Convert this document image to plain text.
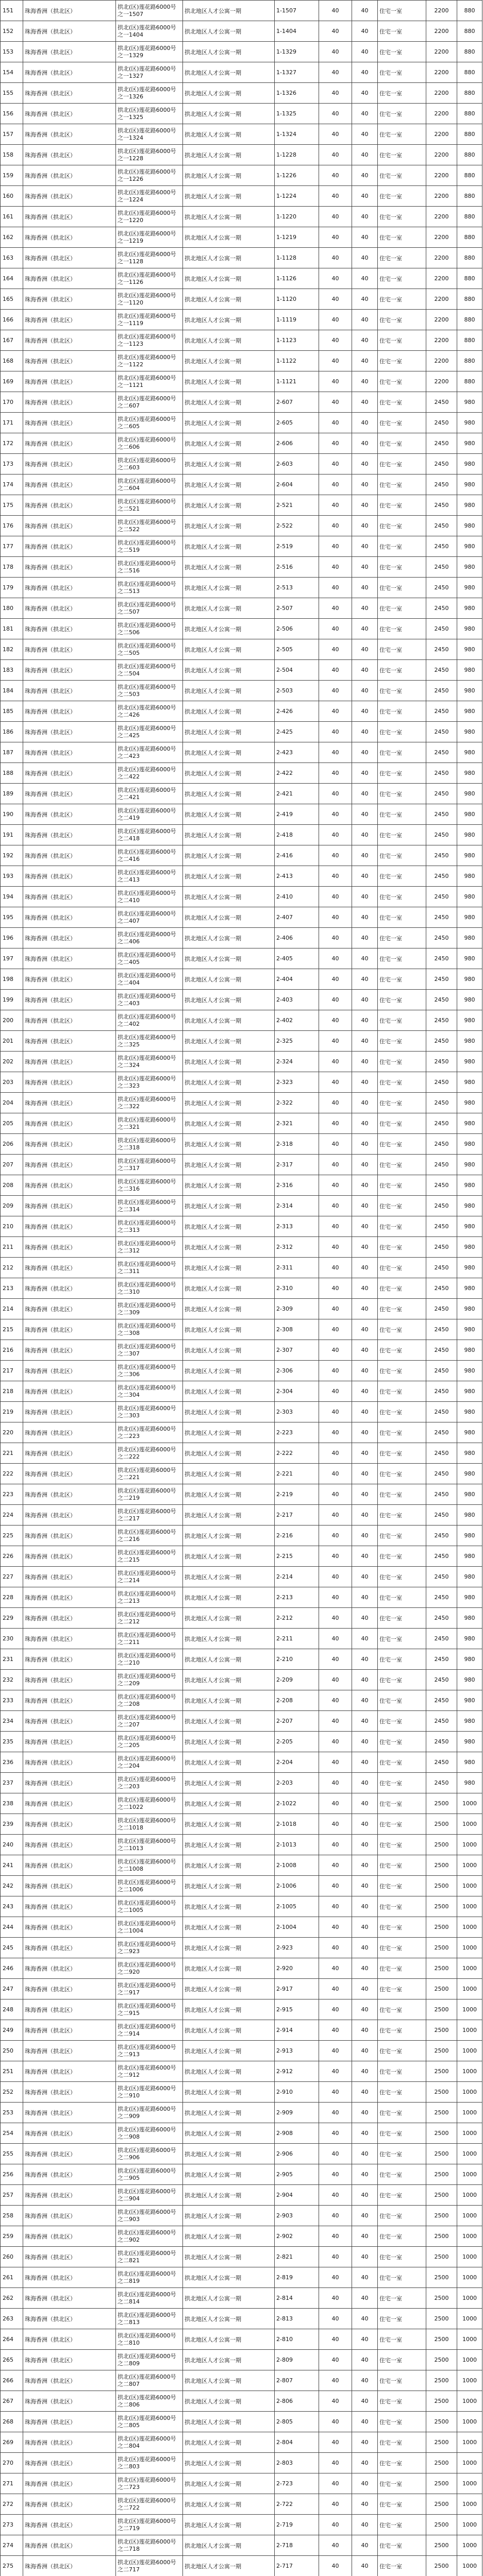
151	珠海香洲（拱北区）	拱北(区)莲花路6000号之一1507	拱北地区人才公寓一期	1-1507	40	40	住宅一室	2200	880
152	珠海香洲（拱北区）	拱北(区)莲花路6000号之一1404	拱北地区人才公寓一期	1-1404	40	40	住宅一室	2200	880
153	珠海香洲（拱北区）	拱北(区)莲花路6000号之一1329	拱北地区人才公寓一期	1-1329	40	40	住宅一室	2200	880
154	珠海香洲（拱北区）	拱北(区)莲花路6000号之一1327	拱北地区人才公寓一期	1-1327	40	40	住宅一室	2200	880
155	珠海香洲（拱北区）	拱北(区)莲花路6000号之一1326	拱北地区人才公寓一期	1-1326	40	40	住宅一室	2200	880
156	珠海香洲（拱北区）	拱北(区)莲花路6000号之一1325	拱北地区人才公寓一期	1-1325	40	40	住宅一室	2200	880
157	珠海香洲（拱北区）	拱北(区)莲花路6000号之一1324	拱北地区人才公寓一期	1-1324	40	40	住宅一室	2200	880
158	珠海香洲（拱北区）	拱北(区)莲花路6000号之一1228	拱北地区人才公寓一期	1-1228	40	40	住宅一室	2200	880
159	珠海香洲（拱北区）	拱北(区)莲花路6000号之一1226	拱北地区人才公寓一期	1-1226	40	40	住宅一室	2200	880
160	珠海香洲（拱北区）	拱北(区)莲花路6000号之一1224	拱北地区人才公寓一期	1-1224	40	40	住宅一室	2200	880
161	珠海香洲（拱北区）	拱北(区)莲花路6000号之一1220	拱北地区人才公寓一期	1-1220	40	40	住宅一室	2200	880
162	珠海香洲（拱北区）	拱北(区)莲花路6000号之一1219	拱北地区人才公寓一期	1-1219	40	40	住宅一室	2200	880
163	珠海香洲（拱北区）	拱北(区)莲花路6000号之一1128	拱北地区人才公寓一期	1-1128	40	40	住宅一室	2200	880
164	珠海香洲（拱北区）	拱北(区)莲花路6000号之一1126	拱北地区人才公寓一期	1-1126	40	40	住宅一室	2200	880
165	珠海香洲（拱北区）	拱北(区)莲花路6000号之一1120	拱北地区人才公寓一期	1-1120	40	40	住宅一室	2200	880
166	珠海香洲（拱北区）	拱北(区)莲花路6000号之一1119	拱北地区人才公寓一期	1-1119	40	40	住宅一室	2200	880
167	珠海香洲（拱北区）	拱北(区)莲花路6000号之一1123	拱北地区人才公寓一期	1-1123	40	40	住宅一室	2200	880
168	珠海香洲（拱北区）	拱北(区)莲花路6000号之一1122	拱北地区人才公寓一期	1-1122	40	40	住宅一室	2200	880
169	珠海香洲（拱北区）	拱北(区)莲花路6000号之一1121	拱北地区人才公寓一期	1-1121	40	40	住宅一室	2200	880
170	珠海香洲（拱北区）	拱北(区)莲花路6000号之二607	拱北地区人才公寓一期	2-607	40	40	住宅一室	2450	980
171	珠海香洲（拱北区）	拱北(区)莲花路6000号之二605	拱北地区人才公寓一期	2-605	40	40	住宅一室	2450	980
172	珠海香洲（拱北区）	拱北(区)莲花路6000号之二606	拱北地区人才公寓一期	2-606	40	40	住宅一室	2450	980
173	珠海香洲（拱北区）	拱北(区)莲花路6000号之二603	拱北地区人才公寓一期	2-603	40	40	住宅一室	2450	980
174	珠海香洲（拱北区）	拱北(区)莲花路6000号之二604	拱北地区人才公寓一期	2-604	40	40	住宅一室	2450	980
175	珠海香洲（拱北区）	拱北(区)莲花路6000号之二521	拱北地区人才公寓一期	2-521	40	40	住宅一室	2450	980
176	珠海香洲（拱北区）	拱北(区)莲花路6000号之二522	拱北地区人才公寓一期	2-522	40	40	住宅一室	2450	980
177	珠海香洲（拱北区）	拱北(区)莲花路6000号之二519	拱北地区人才公寓一期	2-519	40	40	住宅一室	2450	980
178	珠海香洲（拱北区）	拱北(区)莲花路6000号之二516	拱北地区人才公寓一期	2-516	40	40	住宅一室	2450	980
179	珠海香洲（拱北区）	拱北(区)莲花路6000号之二513	拱北地区人才公寓一期	2-513	40	40	住宅一室	2450	980
180	珠海香洲（拱北区）	拱北(区)莲花路6000号之二507	拱北地区人才公寓一期	2-507	40	40	住宅一室	2450	980
181	珠海香洲（拱北区）	拱北(区)莲花路6000号之二506	拱北地区人才公寓一期	2-506	40	40	住宅一室	2450	980
182	珠海香洲（拱北区）	拱北(区)莲花路6000号之二505	拱北地区人才公寓一期	2-505	40	40	住宅一室	2450	980
183	珠海香洲（拱北区）	拱北(区)莲花路6000号之二504	拱北地区人才公寓一期	2-504	40	40	住宅一室	2450	980
184	珠海香洲（拱北区）	拱北(区)莲花路6000号之二503	拱北地区人才公寓一期	2-503	40	40	住宅一室	2450	980
185	珠海香洲（拱北区）	拱北(区)莲花路6000号之二426	拱北地区人才公寓一期	2-426	40	40	住宅一室	2450	980
186	珠海香洲（拱北区）	拱北(区)莲花路6000号之二425	拱北地区人才公寓一期	2-425	40	40	住宅一室	2450	980
187	珠海香洲（拱北区）	拱北(区)莲花路6000号之二423	拱北地区人才公寓一期	2-423	40	40	住宅一室	2450	980
188	珠海香洲（拱北区）	拱北(区)莲花路6000号之二422	拱北地区人才公寓一期	2-422	40	40	住宅一室	2450	980
189	珠海香洲（拱北区）	拱北(区)莲花路6000号之二421	拱北地区人才公寓一期	2-421	40	40	住宅一室	2450	980
190	珠海香洲（拱北区）	拱北(区)莲花路6000号之二419	拱北地区人才公寓一期	2-419	40	40	住宅一室	2450	980
191	珠海香洲（拱北区）	拱北(区)莲花路6000号之二418	拱北地区人才公寓一期	2-418	40	40	住宅一室	2450	980
192	珠海香洲（拱北区）	拱北(区)莲花路6000号之二416	拱北地区人才公寓一期	2-416	40	40	住宅一室	2450	980
193	珠海香洲（拱北区）	拱北(区)莲花路6000号之二413	拱北地区人才公寓一期	2-413	40	40	住宅一室	2450	980
194	珠海香洲（拱北区）	拱北(区)莲花路6000号之二410	拱北地区人才公寓一期	2-410	40	40	住宅一室	2450	980
195	珠海香洲（拱北区）	拱北(区)莲花路6000号之二407	拱北地区人才公寓一期	2-407	40	40	住宅一室	2450	980
196	珠海香洲（拱北区）	拱北(区)莲花路6000号之二406	拱北地区人才公寓一期	2-406	40	40	住宅一室	2450	980
197	珠海香洲（拱北区）	拱北(区)莲花路6000号之二405	拱北地区人才公寓一期	2-405	40	40	住宅一室	2450	980
198	珠海香洲（拱北区）	拱北(区)莲花路6000号之二404	拱北地区人才公寓一期	2-404	40	40	住宅一室	2450	980
199	珠海香洲（拱北区）	拱北(区)莲花路6000号之二403	拱北地区人才公寓一期	2-403	40	40	住宅一室	2450	980
200	珠海香洲（拱北区）	拱北(区)莲花路6000号之二402	拱北地区人才公寓一期	2-402	40	40	住宅一室	2450	980
201	珠海香洲（拱北区）	拱北(区)莲花路6000号之二325	拱北地区人才公寓一期	2-325	40	40	住宅一室	2450	980
202	珠海香洲（拱北区）	拱北(区)莲花路6000号之二324	拱北地区人才公寓一期	2-324	40	40	住宅一室	2450	980
203	珠海香洲（拱北区）	拱北(区)莲花路6000号之二323	拱北地区人才公寓一期	2-323	40	40	住宅一室	2450	980
204	珠海香洲（拱北区）	拱北(区)莲花路6000号之二322	拱北地区人才公寓一期	2-322	40	40	住宅一室	2450	980
205	珠海香洲（拱北区）	拱北(区)莲花路6000号之二321	拱北地区人才公寓一期	2-321	40	40	住宅一室	2450	980
206	珠海香洲（拱北区）	拱北(区)莲花路6000号之二318	拱北地区人才公寓一期	2-318	40	40	住宅一室	2450	980
207	珠海香洲（拱北区）	拱北(区)莲花路6000号之二317	拱北地区人才公寓一期	2-317	40	40	住宅一室	2450	980
208	珠海香洲（拱北区）	拱北(区)莲花路6000号之二316	拱北地区人才公寓一期	2-316	40	40	住宅一室	2450	980
209	珠海香洲（拱北区）	拱北(区)莲花路6000号之二314	拱北地区人才公寓一期	2-314	40	40	住宅一室	2450	980
210	珠海香洲（拱北区）	拱北(区)莲花路6000号之二313	拱北地区人才公寓一期	2-313	40	40	住宅一室	2450	980
211	珠海香洲（拱北区）	拱北(区)莲花路6000号之二312	拱北地区人才公寓一期	2-312	40	40	住宅一室	2450	980
212	珠海香洲（拱北区）	拱北(区)莲花路6000号之二311	拱北地区人才公寓一期	2-311	40	40	住宅一室	2450	980
213	珠海香洲（拱北区）	拱北(区)莲花路6000号之二310	拱北地区人才公寓一期	2-310	40	40	住宅一室	2450	980
214	珠海香洲（拱北区）	拱北(区)莲花路6000号之二309	拱北地区人才公寓一期	2-309	40	40	住宅一室	2450	980
215	珠海香洲（拱北区）	拱北(区)莲花路6000号之二308	拱北地区人才公寓一期	2-308	40	40	住宅一室	2450	980
216	珠海香洲（拱北区）	拱北(区)莲花路6000号之二307	拱北地区人才公寓一期	2-307	40	40	住宅一室	2450	980
217	珠海香洲（拱北区）	拱北(区)莲花路6000号之二306	拱北地区人才公寓一期	2-306	40	40	住宅一室	2450	980
218	珠海香洲（拱北区）	拱北(区)莲花路6000号之二304	拱北地区人才公寓一期	2-304	40	40	住宅一室	2450	980
219	珠海香洲（拱北区）	拱北(区)莲花路6000号之二303	拱北地区人才公寓一期	2-303	40	40	住宅一室	2450	980
220	珠海香洲（拱北区）	拱北(区)莲花路6000号之二223	拱北地区人才公寓一期	2-223	40	40	住宅一室	2450	980
221	珠海香洲（拱北区）	拱北(区)莲花路6000号之二222	拱北地区人才公寓一期	2-222	40	40	住宅一室	2450	980
222	珠海香洲（拱北区）	拱北(区)莲花路6000号之二221	拱北地区人才公寓一期	2-221	40	40	住宅一室	2450	980
223	珠海香洲（拱北区）	拱北(区)莲花路6000号之二219	拱北地区人才公寓一期	2-219	40	40	住宅一室	2450	980
224	珠海香洲（拱北区）	拱北(区)莲花路6000号之二217	拱北地区人才公寓一期	2-217	40	40	住宅一室	2450	980
225	珠海香洲（拱北区）	拱北(区)莲花路6000号之二216	拱北地区人才公寓一期	2-216	40	40	住宅一室	2450	980
226	珠海香洲（拱北区）	拱北(区)莲花路6000号之二215	拱北地区人才公寓一期	2-215	40	40	住宅一室	2450	980
227	珠海香洲（拱北区）	拱北(区)莲花路6000号之二214	拱北地区人才公寓一期	2-214	40	40	住宅一室	2450	980
228	珠海香洲（拱北区）	拱北(区)莲花路6000号之二213	拱北地区人才公寓一期	2-213	40	40	住宅一室	2450	980
229	珠海香洲（拱北区）	拱北(区)莲花路6000号之二212	拱北地区人才公寓一期	2-212	40	40	住宅一室	2450	980
230	珠海香洲（拱北区）	拱北(区)莲花路6000号之二211	拱北地区人才公寓一期	2-211	40	40	住宅一室	2450	980
231	珠海香洲（拱北区）	拱北(区)莲花路6000号之二210	拱北地区人才公寓一期	2-210	40	40	住宅一室	2450	980
232	珠海香洲（拱北区）	拱北(区)莲花路6000号之二209	拱北地区人才公寓一期	2-209	40	40	住宅一室	2450	980
233	珠海香洲（拱北区）	拱北(区)莲花路6000号之二208	拱北地区人才公寓一期	2-208	40	40	住宅一室	2450	980
234	珠海香洲（拱北区）	拱北(区)莲花路6000号之二207	拱北地区人才公寓一期	2-207	40	40	住宅一室	2450	980
235	珠海香洲（拱北区）	拱北(区)莲花路6000号之二205	拱北地区人才公寓一期	2-205	40	40	住宅一室	2450	980
236	珠海香洲（拱北区）	拱北(区)莲花路6000号之二204	拱北地区人才公寓一期	2-204	40	40	住宅一室	2450	980
237	珠海香洲（拱北区）	拱北(区)莲花路6000号之二203	拱北地区人才公寓一期	2-203	40	40	住宅一室	2450	980
238	珠海香洲（拱北区）	拱北(区)莲花路6000号之二1022	拱北地区人才公寓一期	2-1022	40	40	住宅一室	2500	1000
239	珠海香洲（拱北区）	拱北(区)莲花路6000号之二1018	拱北地区人才公寓一期	2-1018	40	40	住宅一室	2500	1000
240	珠海香洲（拱北区）	拱北(区)莲花路6000号之二1013	拱北地区人才公寓一期	2-1013	40	40	住宅一室	2500	1000
241	珠海香洲（拱北区）	拱北(区)莲花路6000号之二1008	拱北地区人才公寓一期	2-1008	40	40	住宅一室	2500	1000
242	珠海香洲（拱北区）	拱北(区)莲花路6000号之二1006	拱北地区人才公寓一期	2-1006	40	40	住宅一室	2500	1000
243	珠海香洲（拱北区）	拱北(区)莲花路6000号之二1005	拱北地区人才公寓一期	2-1005	40	40	住宅一室	2500	1000
244	珠海香洲（拱北区）	拱北(区)莲花路6000号之二1004	拱北地区人才公寓一期	2-1004	40	40	住宅一室	2500	1000
245	珠海香洲（拱北区）	拱北(区)莲花路6000号之二923	拱北地区人才公寓一期	2-923	40	40	住宅一室	2500	1000
246	珠海香洲（拱北区）	拱北(区)莲花路6000号之二920	拱北地区人才公寓一期	2-920	40	40	住宅一室	2500	1000
247	珠海香洲（拱北区）	拱北(区)莲花路6000号之二917	拱北地区人才公寓一期	2-917	40	40	住宅一室	2500	1000
248	珠海香洲（拱北区）	拱北(区)莲花路6000号之二915	拱北地区人才公寓一期	2-915	40	40	住宅一室	2500	1000
249	珠海香洲（拱北区）	拱北(区)莲花路6000号之二914	拱北地区人才公寓一期	2-914	40	40	住宅一室	2500	1000
250	珠海香洲（拱北区）	拱北(区)莲花路6000号之二913	拱北地区人才公寓一期	2-913	40	40	住宅一室	2500	1000
251	珠海香洲（拱北区）	拱北(区)莲花路6000号之二912	拱北地区人才公寓一期	2-912	40	40	住宅一室	2500	1000
252	珠海香洲（拱北区）	拱北(区)莲花路6000号之二910	拱北地区人才公寓一期	2-910	40	40	住宅一室	2500	1000
253	珠海香洲（拱北区）	拱北(区)莲花路6000号之二909	拱北地区人才公寓一期	2-909	40	40	住宅一室	2500	1000
254	珠海香洲（拱北区）	拱北(区)莲花路6000号之二908	拱北地区人才公寓一期	2-908	40	40	住宅一室	2500	1000
255	珠海香洲（拱北区）	拱北(区)莲花路6000号之二906	拱北地区人才公寓一期	2-906	40	40	住宅一室	2500	1000
256	珠海香洲（拱北区）	拱北(区)莲花路6000号之二905	拱北地区人才公寓一期	2-905	40	40	住宅一室	2500	1000
257	珠海香洲（拱北区）	拱北(区)莲花路6000号之二904	拱北地区人才公寓一期	2-904	40	40	住宅一室	2500	1000
258	珠海香洲（拱北区）	拱北(区)莲花路6000号之二903	拱北地区人才公寓一期	2-903	40	40	住宅一室	2500	1000
259	珠海香洲（拱北区）	拱北(区)莲花路6000号之二902	拱北地区人才公寓一期	2-902	40	40	住宅一室	2500	1000
260	珠海香洲（拱北区）	拱北(区)莲花路6000号之二821	拱北地区人才公寓一期	2-821	40	40	住宅一室	2500	1000
261	珠海香洲（拱北区）	拱北(区)莲花路6000号之二819	拱北地区人才公寓一期	2-819	40	40	住宅一室	2500	1000
262	珠海香洲（拱北区）	拱北(区)莲花路6000号之二814	拱北地区人才公寓一期	2-814	40	40	住宅一室	2500	1000
263	珠海香洲（拱北区）	拱北(区)莲花路6000号之二813	拱北地区人才公寓一期	2-813	40	40	住宅一室	2500	1000
264	珠海香洲（拱北区）	拱北(区)莲花路6000号之二810	拱北地区人才公寓一期	2-810	40	40	住宅一室	2500	1000
265	珠海香洲（拱北区）	拱北(区)莲花路6000号之二809	拱北地区人才公寓一期	2-809	40	40	住宅一室	2500	1000
266	珠海香洲（拱北区）	拱北(区)莲花路6000号之二807	拱北地区人才公寓一期	2-807	40	40	住宅一室	2500	1000
267	珠海香洲（拱北区）	拱北(区)莲花路6000号之二806	拱北地区人才公寓一期	2-806	40	40	住宅一室	2500	1000
268	珠海香洲（拱北区）	拱北(区)莲花路6000号之二805	拱北地区人才公寓一期	2-805	40	40	住宅一室	2500	1000
269	珠海香洲（拱北区）	拱北(区)莲花路6000号之二804	拱北地区人才公寓一期	2-804	40	40	住宅一室	2500	1000
270	珠海香洲（拱北区）	拱北(区)莲花路6000号之二803	拱北地区人才公寓一期	2-803	40	40	住宅一室	2500	1000
271	珠海香洲（拱北区）	拱北(区)莲花路6000号之二723	拱北地区人才公寓一期	2-723	40	40	住宅一室	2500	1000
272	珠海香洲（拱北区）	拱北(区)莲花路6000号之二722	拱北地区人才公寓一期	2-722	40	40	住宅一室	2500	1000
273	珠海香洲（拱北区）	拱北(区)莲花路6000号之二719	拱北地区人才公寓一期	2-719	40	40	住宅一室	2500	1000
274	珠海香洲（拱北区）	拱北(区)莲花路6000号之二718	拱北地区人才公寓一期	2-718	40	40	住宅一室	2500	1000
275	珠海香洲（拱北区）	拱北(区)莲花路6000号之二717	拱北地区人才公寓一期	2-717	40	40	住宅一室	2500	1000
